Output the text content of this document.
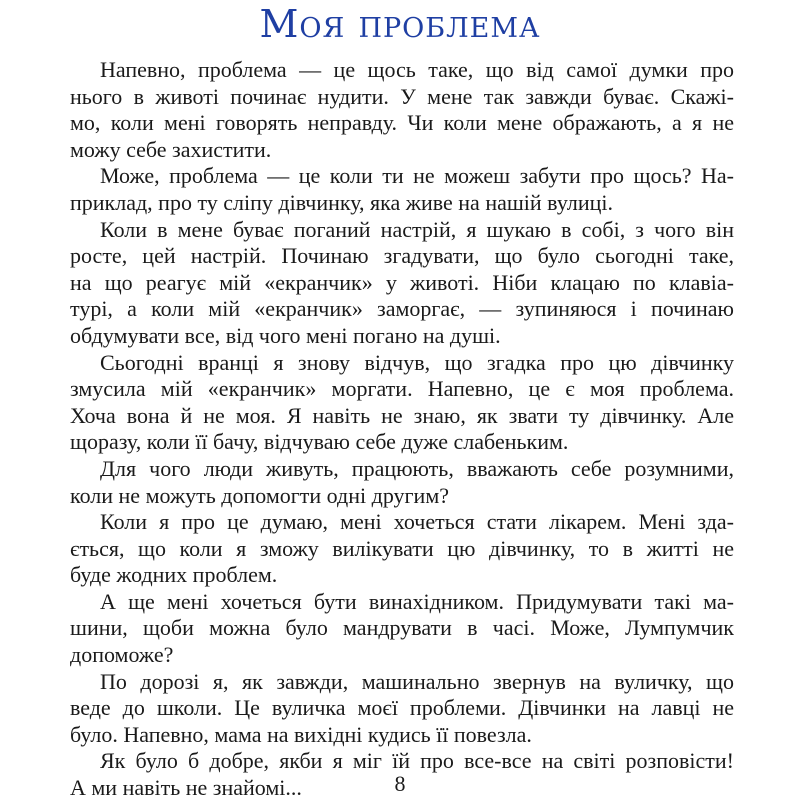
Моя проблема
Напевно, проблема — це щось таке, що від самої думки про
нього в животі починає нудити. У мене так завжди буває. Скажі-
мо, коли мені говорять неправду. Чи коли мене ображають, а я не
можу себе захистити.
Може, проблема — це коли ти не можеш забути про щось? На-
приклад, про ту сліпу дівчинку, яка живе на нашій вулиці.
Коли в мене буває поганий настрій, я шукаю в собі, з чого він
росте, цей настрій. Починаю згадувати, що було сьогодні таке,
на що реагує мій «екранчик» у животі. Ніби клацаю по клавіа-
турі, а коли мій «екранчик» заморгає, — зупиняюся і починаю
обдумувати все, від чого мені погано на душі.
Сьогодні вранці я знову відчув, що згадка про цю дівчинку
змусила мій «екранчик» моргати. Напевно, це є моя проблема.
Хоча вона й не моя. Я навіть не знаю, як звати ту дівчинку. Але
щоразу, коли її бачу, відчуваю себе дуже слабеньким.
Для чого люди живуть, працюють, вважають себе розумними,
коли не можуть допомогти одні другим?
Коли я про це думаю, мені хочеться стати лікарем. Мені зда-
ється, що коли я зможу вилікувати цю дівчинку, то в житті не
буде жодних проблем.
А ще мені хочеться бути винахідником. Придумувати такі ма-
шини, щоби можна було мандрувати в часі. Може, Лумпумчик
допоможе?
По дорозі я, як завжди, машинально звернув на вуличку, що
веде до школи. Це вуличка моєї проблеми. Дівчинки на лавці не
було. Напевно, мама на вихідні кудись її повезла.
Як було б добре, якби я міг їй про все-все на світі розповісти!
А ми навіть не знайомі...	8
